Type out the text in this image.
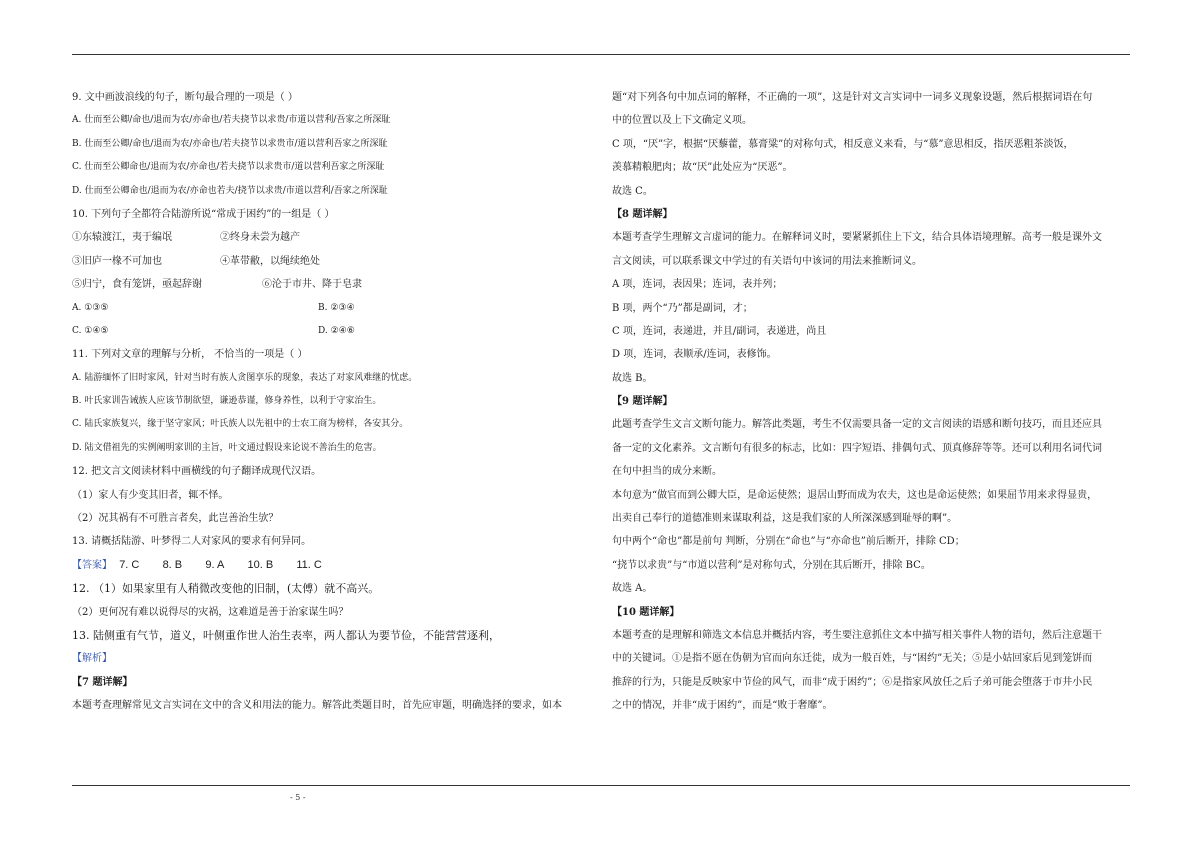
9. 文中画波浪线的句子，断句最合理的一项是（ ）
A. 仕而至公卿/命也/退而为农/亦命也/若夫挠节以求贵/市道以营利/吾家之所深耻
B. 仕而至公卿/命也/退而为农/亦命也/若夫挠节以求贵市/道以营利吾家之所深耻
C. 仕而至公卿命也/退而为农/亦命也/若夫挠节以求贵市/道以营利吾家之所深耻
D. 仕而至公卿命也/退而为农/亦命也若夫/挠节以求贵/市道以营利/吾家之所深耻
10. 下列句子全都符合陆游所说“常成于困约”的一组是（ ）
①东辕渡江，夷于编氓	②终身未尝为越产
③旧庐一椽不可加也	④革带敝，以绳续绝处
⑤归宁，食有笼饼，亟起辞谢	⑥沦于市井、降于皂隶
A. ①③⑤	B. ②③④
C. ①④⑤	D. ②④⑥
11. 下列对文章的理解与分析， 不恰当的一项是（ ）
A. 陆游缅怀了旧时家风，针对当时有族人贪图享乐的现象，表达了对家风难继的忧虑。
B. 叶氏家训告诫族人应该节制欲望，谦逊恭谨，修身养性，以利于守家治生。
C. 陆氏家族复兴，缘于坚守家风；叶氏族人以先祖中的士农工商为榜样，各安其分。
D. 陆文借祖先的实例阐明家训的主旨，叶文通过假设来论说不善治生的危害。
12. 把文言文阅读材料中画横线的句子翻译成现代汉语。
（1）家人有少变其旧者，辄不怿。
（2）况其祸有不可胜言者矣，此岂善治生欤？
13. 请概括陆游、叶梦得二人对家风的要求有何异同。
【答案】 7. C 8. B 9. A 10. B 11. C
12. （1）如果家里有人稍微改变他的旧制，(太傅）就不高兴。
（2）更何况有难以说得尽的灾祸，这难道是善于治家谋生吗？
13. 陆侧重有气节，道义，叶侧重作世人治生表率，两人都认为要节俭，不能营营逐利，
【解析】
【7 题详解】
本题考查理解常见文言实词在文中的含义和用法的能力。解答此类题目时，首先应审题，明确选择的要求，如本
题“对下列各句中加点词的解释，不正确的一项”，这是针对文言实词中一词多义现象设题，然后根据词语在句
中的位置以及上下文确定义项。
C 项，“厌”字，根据“厌藜藿，慕膏粱”的对称句式，相反意义来看，与“慕”意思相反，指厌恶粗茶淡饭，
羡慕精粮肥肉；故“厌”此处应为“厌恶”。
故选 C。
【8 题详解】
本题考查学生理解文言虚词的能力。在解释词义时，要紧紧抓住上下文，结合具体语境理解。高考一般是课外文
言文阅读，可以联系课文中学过的有关语句中该词的用法来推断词义。
A 项，连词，表因果；连词，表并列；
B 项，两个“乃”都是副词，才；
C 项，连词，表递进，并且/副词，表递进，尚且
D 项，连词，表顺承/连词，表修饰。
故选 B。
【9 题详解】
此题考查学生文言文断句能力。解答此类题，考生不仅需要具备一定的文言阅读的语感和断句技巧，而且还应具
备一定的文化素养。文言断句有很多的标志，比如：四字短语、排偶句式、顶真修辞等等。还可以利用名词代词
在句中担当的成分来断。
本句意为“做官而到公卿大臣，是命运使然；退居山野而成为农夫，这也是命运使然；如果屈节用来求得显贵，
出卖自己奉行的道德准则来谋取利益，这是我们家的人所深深感到耻辱的啊”。
句中两个“命也”都是前句 判断，分别在“命也”与“亦命也”前后断开，排除 CD；
“挠节以求贵”与“市道以营利”是对称句式，分别在其后断开，排除 BC。
故选 A。
【10 题详解】
本题考查的是理解和筛选文本信息并概括内容，考生要注意抓住文本中描写相关事件人物的语句，然后注意题干
中的关键词。①是指不愿在伪朝为官而向东迁徙，成为一般百姓，与“困约”无关；⑤是小姑回家后见到笼饼而
推辞的行为，只能是反映家中节俭的风气，而非“成于困约”；⑥是指家风放任之后子弟可能会堕落于市井小民
之中的情况，并非“成于困约”，而是“败于奢靡”。
- 5 -
